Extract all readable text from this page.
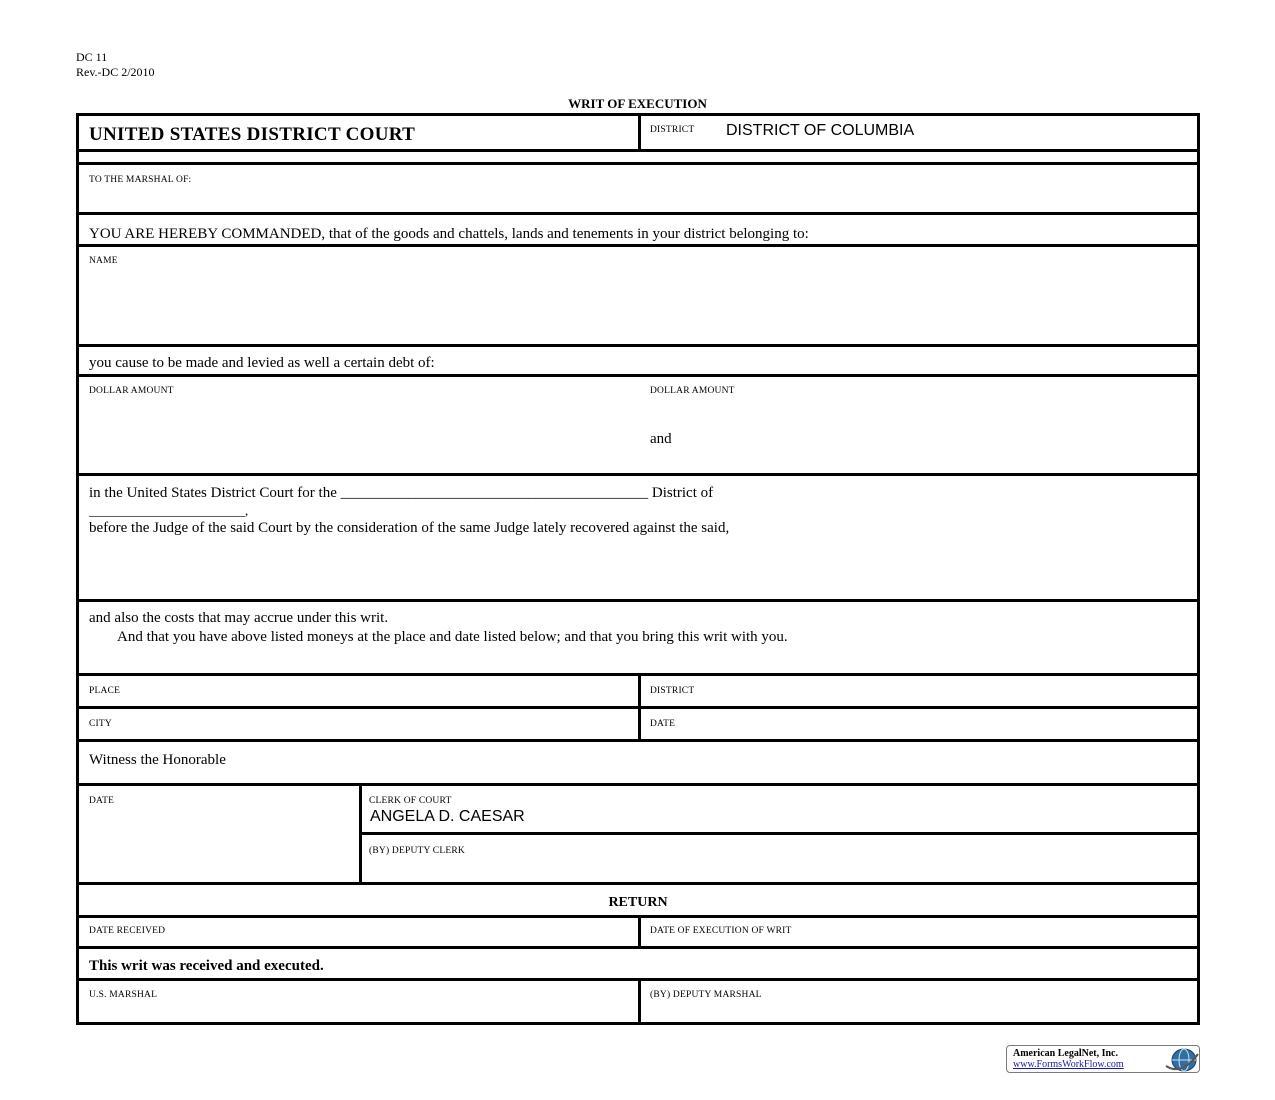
DC 11
Rev.-DC 2/2010
WRIT OF EXECUTION
UNITED STATES DISTRICT COURT	DISTRICT DISTRICT OF COLUMBIA
TO THE MARSHAL OF:
YOU ARE HEREBY COMMANDED, that of the goods and chattels, lands and tenements in your district belonging to:
NAME
you cause to be made and levied as well a certain debt of:
DOLLAR AMOUNT	DOLLAR AMOUNT
and
in the United States District Court for the _________________________________________ District of
________________________,
before the Judge of the said Court by the consideration of the same Judge lately recovered against the said,
and also the costs that may accrue under this writ.
And that you have above listed moneys at the place and date listed below; and that you bring this writ with you.
PLACE	DISTRICT
CITY	DATE
Witness the Honorable
DATE	CLERK OF COURT
ANGELA D. CAESAR
(BY) DEPUTY CLERK
RETURN
DATE RECEIVED	DATE OF EXECUTION OF WRIT
This writ was received and executed.
U.S. MARSHAL	(BY) DEPUTY MARSHAL
American LegalNet, Inc.
www.FormsWorkFlow.com
